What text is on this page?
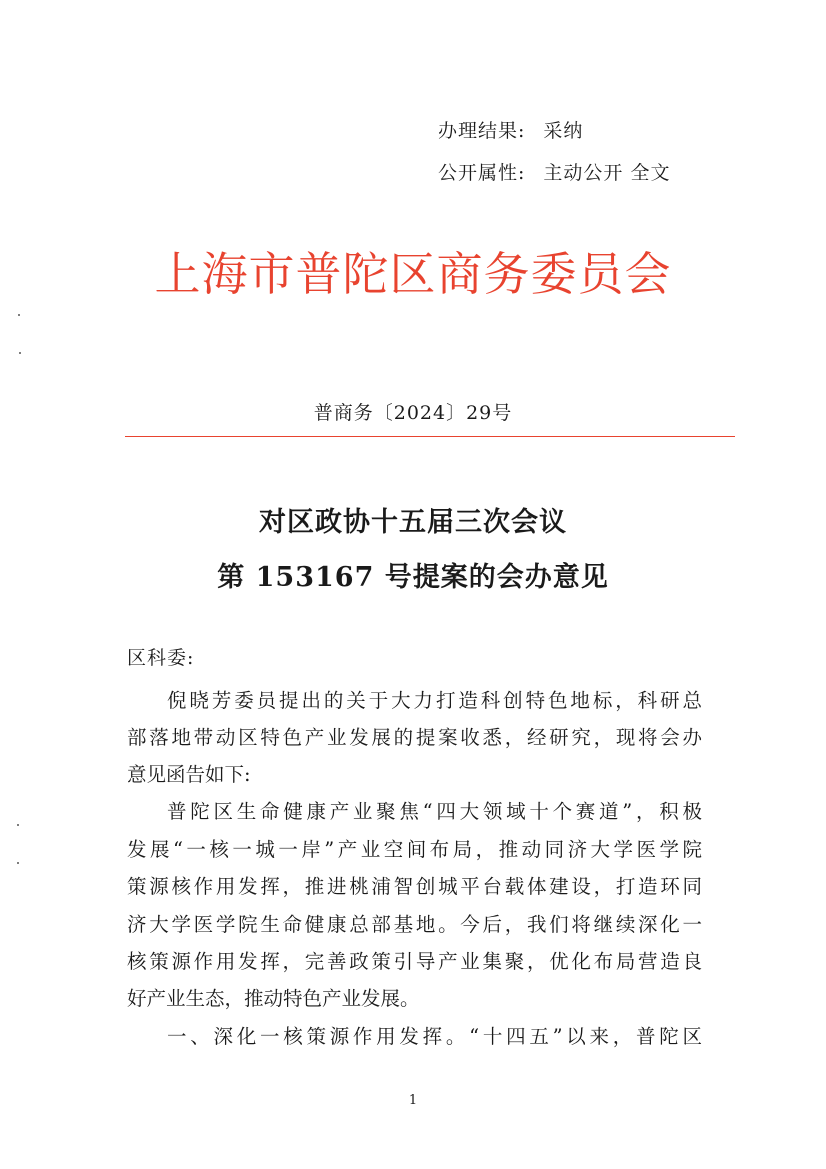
办理结果: 采纳
公开属性: 主动公开 全文
上海市普陀区商务委员会
普商务〔2024〕29号
对区政协十五届三次会议
第 153167 号提案的会办意见
区科委:
倪晓芳委员提出的关于大力打造科创特色地标，科研总
部落地带动区特色产业发展的提案收悉，经研究，现将会办
意见函告如下:
普陀区生命健康产业聚焦“四大领域十个赛道”，积极
发展“一核一城一岸”产业空间布局，推动同济大学医学院
策源核作用发挥，推进桃浦智创城平台载体建设，打造环同
济大学医学院生命健康总部基地。今后，我们将继续深化一
核策源作用发挥，完善政策引导产业集聚，优化布局营造良
好产业生态，推动特色产业发展。
一、深化一核策源作用发挥。“十四五”以来，普陀区
1
